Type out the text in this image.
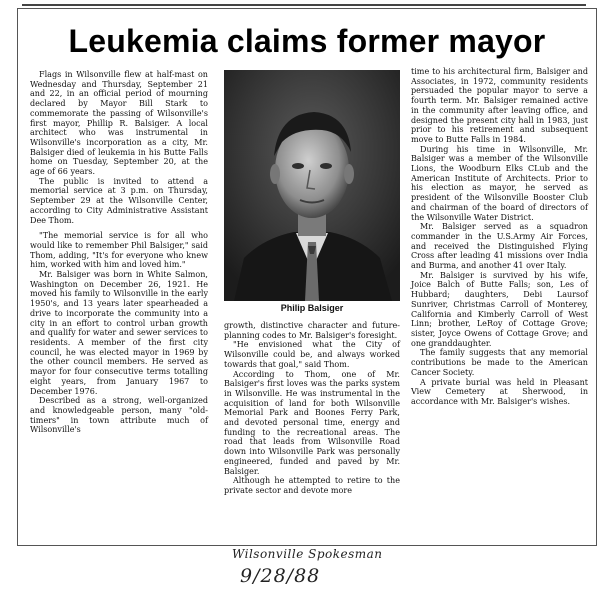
Leukemia claims former mayor

Flags in Wilsonville flew at half-mast on Wednesday and Thursday, September 21 and 22, in an official period of mourning declared by Mayor Bill Stark to commemorate the passing of Wilsonville's first mayor, Phillip R. Balsiger. A local architect who was instrumental in Wilsonville's incorporation as a city, Mr. Balsiger died of leukemia in his Butte Falls home on Tuesday, September 20, at the age of 66 years.

The public is invited to attend a memorial service at 3 p.m. on Thursday, September 29 at the Wilsonville Center, according to City Administrative Assistant Dee Thom.

"The memorial service is for all who would like to remember Phil Balsiger," said Thom, adding, "It's for everyone who knew him, worked with him and loved him."

Mr. Balsiger was born in White Salmon, Washington on December 26, 1921. He moved his family to Wilsonville in the early 1950's, and 13 years later spearheaded a drive to incorporate the community into a city in an effort to control urban growth and qualify for water and sewer services to residents. A member of the first city council, he was elected mayor in 1969 by the other council members. He served as mayor for four consecutive terms totalling eight years, from January 1967 to December 1976.

Described as a strong, well-organized and knowledgeable person, many "old-timers" in town attribute much of Wilsonville's

Philip Balsiger

growth, distinctive character and future-planning codes to Mr. Balsiger's foresight.

"He envisioned what the City of Wilsonville could be, and always worked towards that goal," said Thom.

According to Thom, one of Mr. Balsiger's first loves was the parks system in Wilsonville. He was instrumental in the acquisition of land for both Wilsonville Memorial Park and Boones Ferry Park, and devoted personal time, energy and funding to the recreational areas. The road that leads from Wilsonville Road down into Wilsonville Park was personally engineered, funded and paved by Mr. Balsiger.

Although he attempted to retire to the private sector and devote more

time to his architectural firm, Balsiger and Associates, in 1972, community residents persuaded the popular mayor to serve a fourth term. Mr. Balsiger remained active in the community after leaving office, and designed the present city hall in 1983, just prior to his retirement and subsequent move to Butte Falls in 1984.

During his time in Wilsonville, Mr. Balsiger was a member of the Wilsonville Lions, the Woodburn Elks CLub and the American Institute of Architects. Prior to his election as mayor, he served as president of the Wilsonville Booster Club and chairman of the board of directors of the Wilsonville Water District.

Mr. Balsiger served as a squadron commander in the U.S.Army Air Forces, and received the Distinguished Flying Cross after leading 41 missions over India and Burma, and another 41 over Italy.

Mr. Balsiger is survived by his wife, Joice Balch of Butte Falls; son, Les of Hubbard; daughters, Debi Laursof Sunriver, Christmas Carroll of Monterey, California and Kimberly Carroll of West Linn; brother, LeRoy of Cottage Grove; sister, Joyce Owens of Cottage Grove; and one granddaughter.

The family suggests that any memorial contributions be made to the American Cancer Society.

A private burial was held in Pleasant View Cemetery at Sherwood, in accordance with Mr. Balsiger's wishes.

Wilsonville Spokesman
9/28/88
